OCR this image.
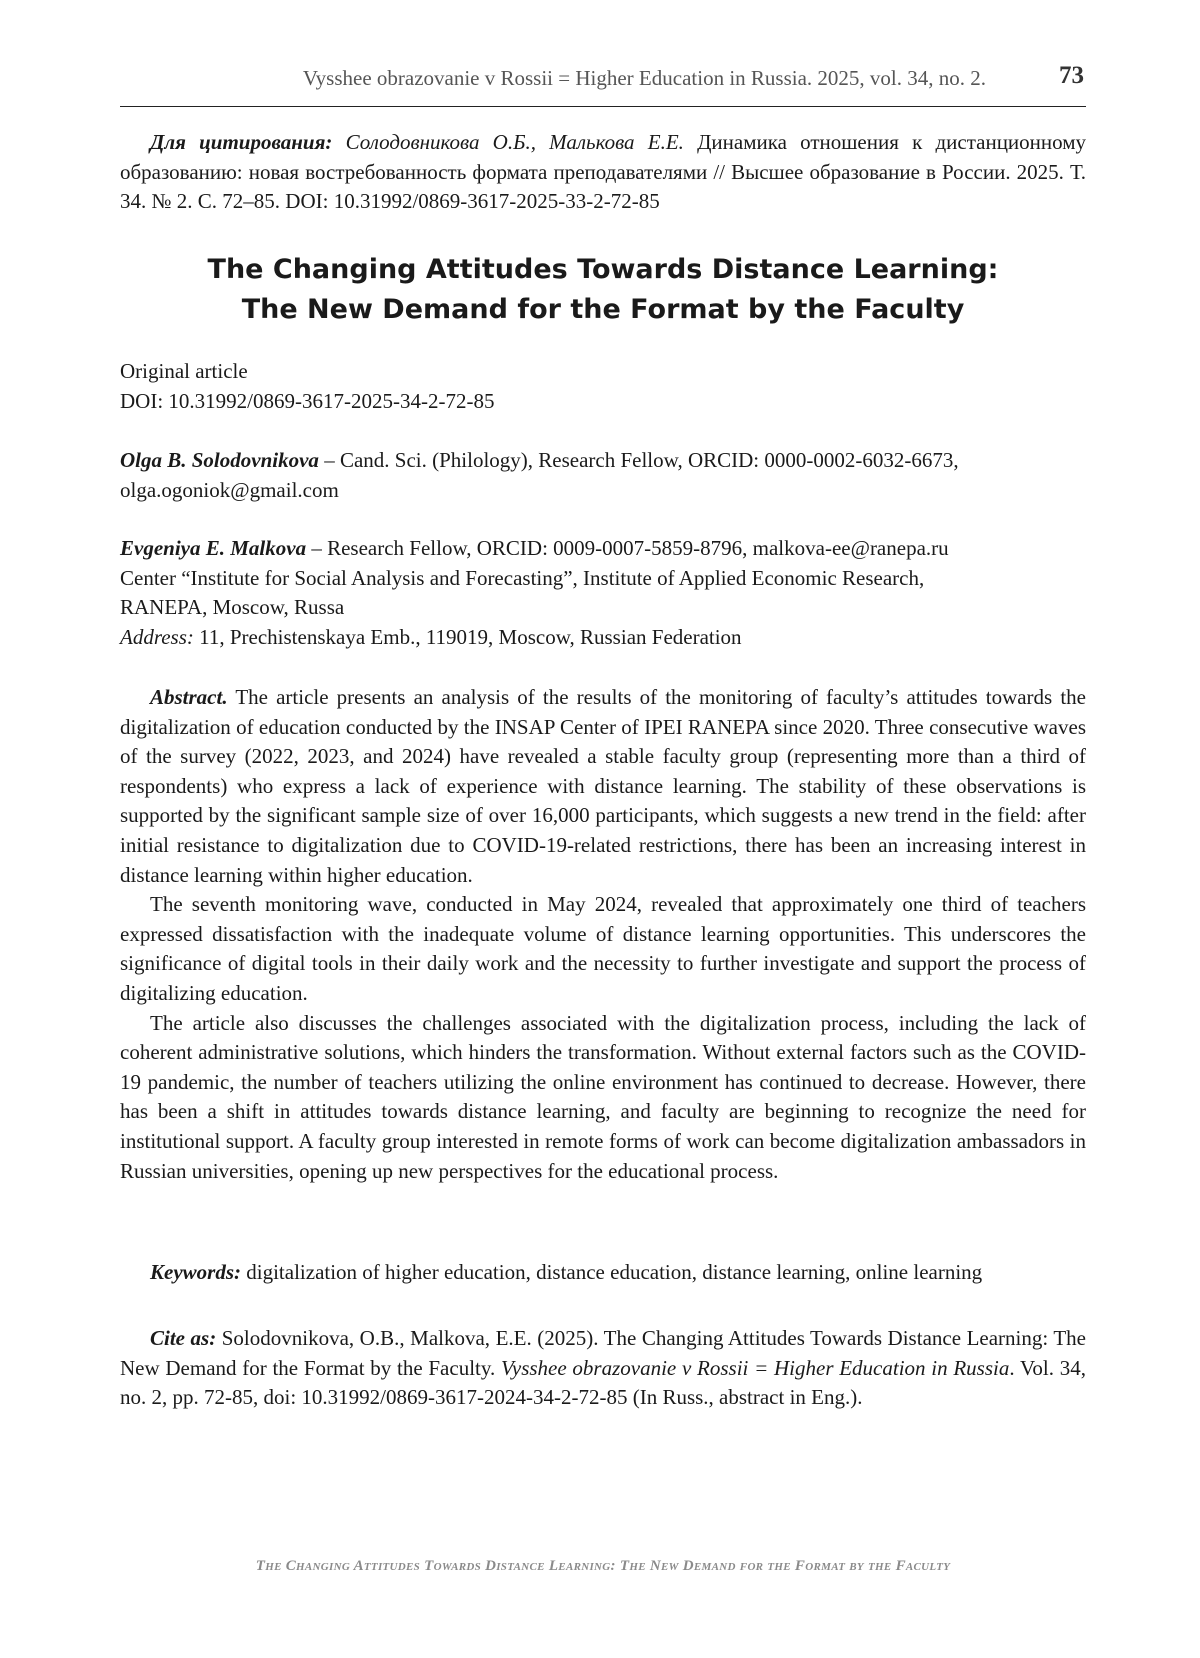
Vysshee obrazovanie v Rossii = Higher Education in Russia. 2025, vol. 34, no. 2.	73

Для цитирования: Солодовникова О.Б., Малькова Е.Е. Динамика отношения к дистанционному образованию: новая востребованность формата преподавателями // Высшее образование в России. 2025. Т. 34. № 2. С. 72–85. DOI: 10.31992/0869-3617-2025-33-2-72-85

The Changing Attitudes Towards Distance Learning:
The New Demand for the Format by the Faculty
Original article
DOI: 10.31992/0869-3617-2025-34-2-72-85
Olga B. Solodovnikova – Cand. Sci. (Philology), Research Fellow, ORCID: 0000-0002-6032-6673,
olga.ogoniok@gmail.com
Evgeniya E. Malkova – Research Fellow, ORCID: 0009-0007-5859-8796, malkova-ee@ranepa.ru
Center “Institute for Social Analysis and Forecasting”, Institute of Applied Economic Research,
RANEPA, Moscow, Russa
Address: 11, Prechistenskaya Emb., 119019, Moscow, Russian Federation

Abstract. The article presents an analysis of the results of the monitoring of faculty’s attitudes towards the digitalization of education conducted by the INSAP Center of IPEI RANEPA since 2020. Three consecutive waves of the survey (2022, 2023, and 2024) have revealed a stable faculty group (representing more than a third of respondents) who express a lack of experience with distance learning. The stability of these observations is supported by the significant sample size of over 16,000 participants, which suggests a new trend in the field: after initial resistance to digitalization due to COVID-19-related restrictions, there has been an increasing interest in distance learning within higher education.

The seventh monitoring wave, conducted in May 2024, revealed that approximately one third of teachers expressed dissatisfaction with the inadequate volume of distance learning opportunities. This underscores the significance of digital tools in their daily work and the necessity to further investigate and support the process of digitalizing education.

The article also discusses the challenges associated with the digitalization process, including the lack of coherent administrative solutions, which hinders the transformation. Without external factors such as the COVID-19 pandemic, the number of teachers utilizing the online environment has continued to decrease. However, there has been a shift in attitudes towards distance learning, and faculty are beginning to recognize the need for institutional support. A faculty group interested in remote forms of work can become digitalization ambassadors in Russian universities, opening up new perspectives for the educational process.

Keywords: digitalization of higher education, distance education, distance learning, online learning

Cite as: Solodovnikova, O.B., Malkova, E.E. (2025). The Changing Attitudes Towards Distance Learning: The New Demand for the Format by the Faculty. Vysshee obrazovanie v Rossii = Higher Education in Russia. Vol. 34, no. 2, pp. 72-85, doi: 10.31992/0869-3617-2024-34-2-72-85 (In Russ., abstract in Eng.).

The Changing Attitudes Towards Distance Learning: The New Demand for the Format by the Faculty
